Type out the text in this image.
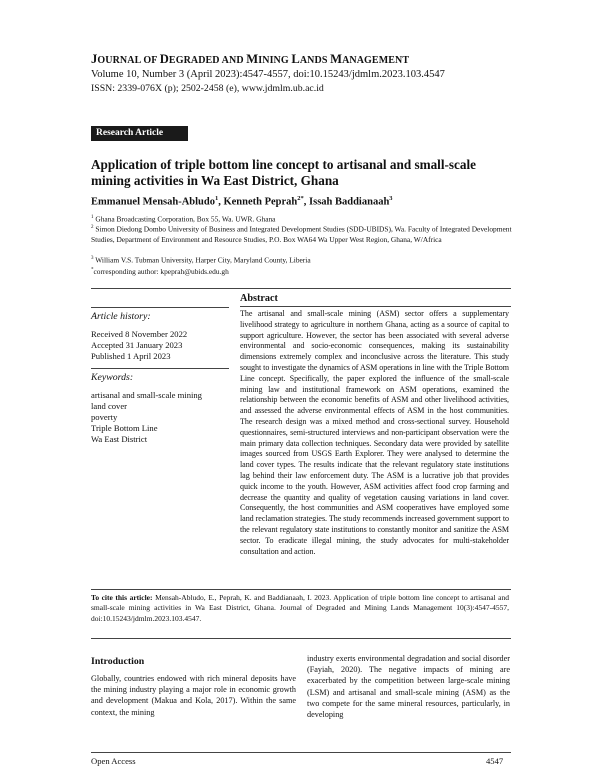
JOURNAL OF DEGRADED AND MINING LANDS MANAGEMENT
Volume 10, Number 3 (April 2023):4547-4557, doi:10.15243/jdmlm.2023.103.4547
ISSN: 2339-076X (p); 2502-2458 (e), www.jdmlm.ub.ac.id
Research Article
Application of triple bottom line concept to artisanal and small-scale mining activities in Wa East District, Ghana
Emmanuel Mensah-Abludo$^1$, Kenneth Peprah$^{2*}$, Issah Baddianaah$^3$
$^1$ Ghana Broadcasting Corporation, Box 55, Wa. UWR. Ghana
$^2$ Simon Diedong Dombo University of Business and Integrated Development Studies (SDD-UBIDS), Wa. Faculty of Integrated Development Studies, Department of Environment and Resource Studies, P.O. Box WA64 Wa Upper West Region, Ghana, W/Africa
$^3$ William V.S. Tubman University, Harper City, Maryland County, Liberia
*corresponding author: kpeprah@ubids.edu.gh
Abstract
Article history:
Received 8 November 2022
Accepted 31 January 2023
Published 1 April 2023
Keywords:
artisanal and small-scale mining
land cover
poverty
Triple Bottom Line
Wa East District
The artisanal and small-scale mining (ASM) sector offers a supplementary livelihood strategy to agriculture in northern Ghana, acting as a source of capital to support agriculture. However, the sector has been associated with several adverse environmental and socio-economic consequences, making its sustainability dimensions extremely complex and inconclusive across the literature. This study sought to investigate the dynamics of ASM operations in line with the Triple Bottom Line concept. Specifically, the paper explored the influence of the small-scale mining law and institutional framework on ASM operations, examined the relationship between the economic benefits of ASM and other livelihood activities, and assessed the adverse environmental effects of ASM in the host communities. The research design was a mixed method and cross-sectional survey. Household questionnaires, semi-structured interviews and non-participant observation were the main primary data collection techniques. Secondary data were provided by satellite images sourced from USGS Earth Explorer. They were analysed to determine the land cover types. The results indicate that the relevant regulatory state institutions lag behind their law enforcement duty. The ASM is a lucrative job that provides quick income to the youth. However, ASM activities affect food crop farming and decrease the quantity and quality of vegetation causing variations in land cover. Consequently, the host communities and ASM cooperatives have employed some land reclamation strategies. The study recommends increased government support to the relevant regulatory state institutions to constantly monitor and sanitize the ASM sector. To eradicate illegal mining, the study advocates for multi-stakeholder consultation and action.
To cite this article: Mensah-Abludo, E., Peprah, K. and Baddianaah, I. 2023. Application of triple bottom line concept to artisanal and small-scale mining activities in Wa East District, Ghana. Journal of Degraded and Mining Lands Management 10(3):4547-4557, doi:10.15243/jdmlm.2023.103.4547.
Introduction
Globally, countries endowed with rich mineral deposits have the mining industry playing a major role in economic growth and development (Makua and Kola, 2017). Within the same context, the mining
industry exerts environmental degradation and social disorder (Fayiah, 2020). The negative impacts of mining are exacerbated by the competition between large-scale mining (LSM) and artisanal and small-scale mining (ASM) as the two compete for the same mineral resources, particularly, in developing
Open Access	4547
